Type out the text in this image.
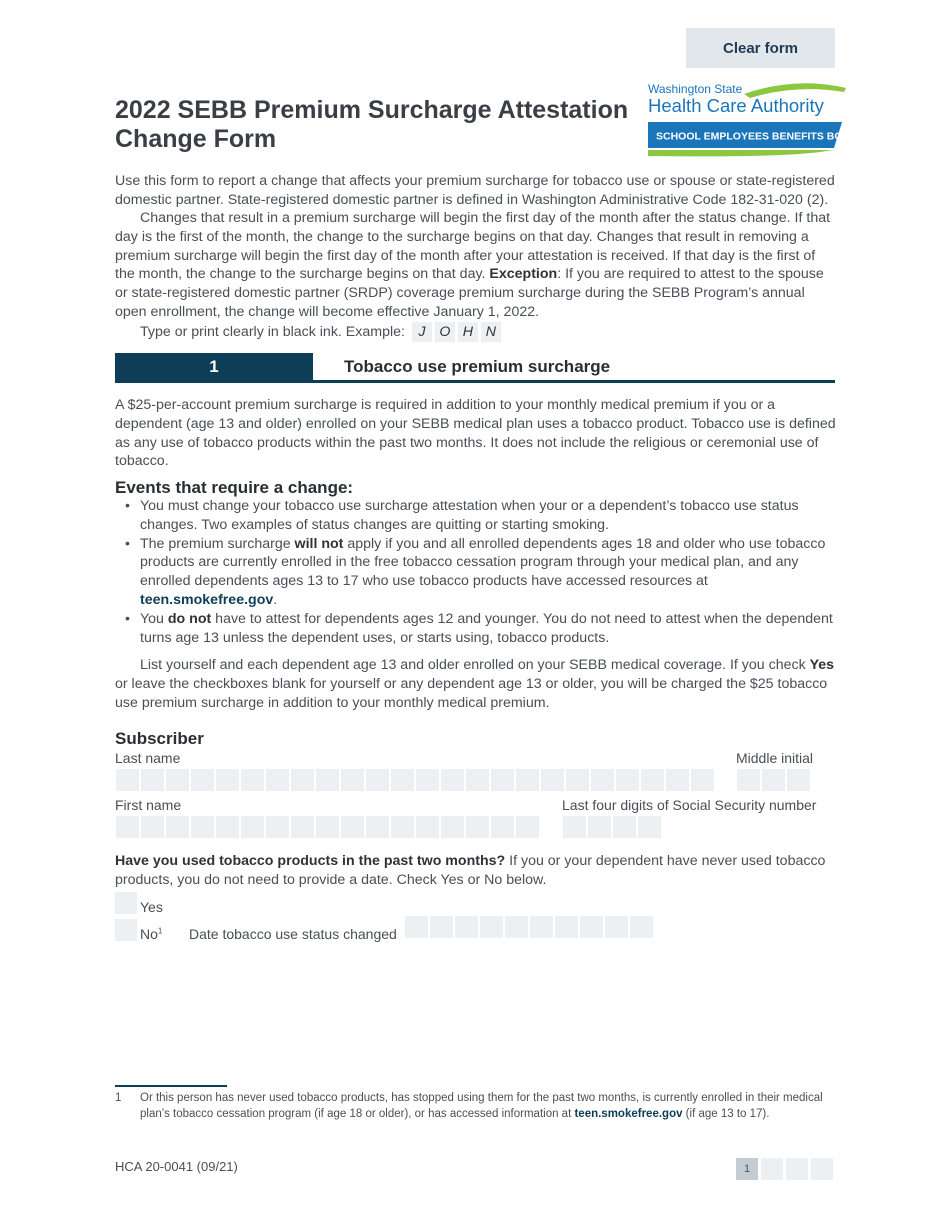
Clear form
2022 SEBB Premium Surcharge Attestation Change Form
Washington State
Health Care Authority
SCHOOL EMPLOYEES BENEFITS BOARD

Use this form to report a change that affects your premium surcharge for tobacco use or spouse or state-registered domestic partner. State-registered domestic partner is defined in Washington Administrative Code 182-31-020 (2).

Changes that result in a premium surcharge will begin the first day of the month after the status change. If that day is the first of the month, the change to the surcharge begins on that day. Changes that result in removing a premium surcharge will begin the first day of the month after your attestation is received. If that day is the first of the month, the change to the surcharge begins on that day. Exception: If you are required to attest to the spouse or state-registered domestic partner (SRDP) coverage premium surcharge during the SEBB Program’s annual open enrollment, the change will become effective January 1, 2022.

Type or print clearly in black ink. Example: J O H N

1	Tobacco use premium surcharge

A $25-per-account premium surcharge is required in addition to your monthly medical premium if you or a dependent (age 13 and older) enrolled on your SEBB medical plan uses a tobacco product. Tobacco use is defined as any use of tobacco products within the past two months. It does not include the religious or ceremonial use of tobacco.

Events that require a change:
• You must change your tobacco use surcharge attestation when your or a dependent’s tobacco use status changes. Two examples of status changes are quitting or starting smoking.
• The premium surcharge will not apply if you and all enrolled dependents ages 18 and older who use tobacco products are currently enrolled in the free tobacco cessation program through your medical plan, and any enrolled dependents ages 13 to 17 who use tobacco products have accessed resources at teen.smokefree.gov.
• You do not have to attest for dependents ages 12 and younger. You do not need to attest when the dependent turns age 13 unless the dependent uses, or starts using, tobacco products.

List yourself and each dependent age 13 and older enrolled on your SEBB medical coverage. If you check Yes or leave the checkboxes blank for yourself or any dependent age 13 or older, you will be charged the $25 tobacco use premium surcharge in addition to your monthly medical premium.

Subscriber
Last name	Middle initial
First name	Last four digits of Social Security number

Have you used tobacco products in the past two months? If you or your dependent have never used tobacco products, you do not need to provide a date. Check Yes or No below.

Yes
No$^1$ Date tobacco use status changed
1 Or this person has never used tobacco products, has stopped using them for the past two months, is currently enrolled in their medical plan’s tobacco cessation program (if age 18 or older), or has accessed information at teen.smokefree.gov (if age 13 to 17).
HCA 20-0041 (09/21)	1
